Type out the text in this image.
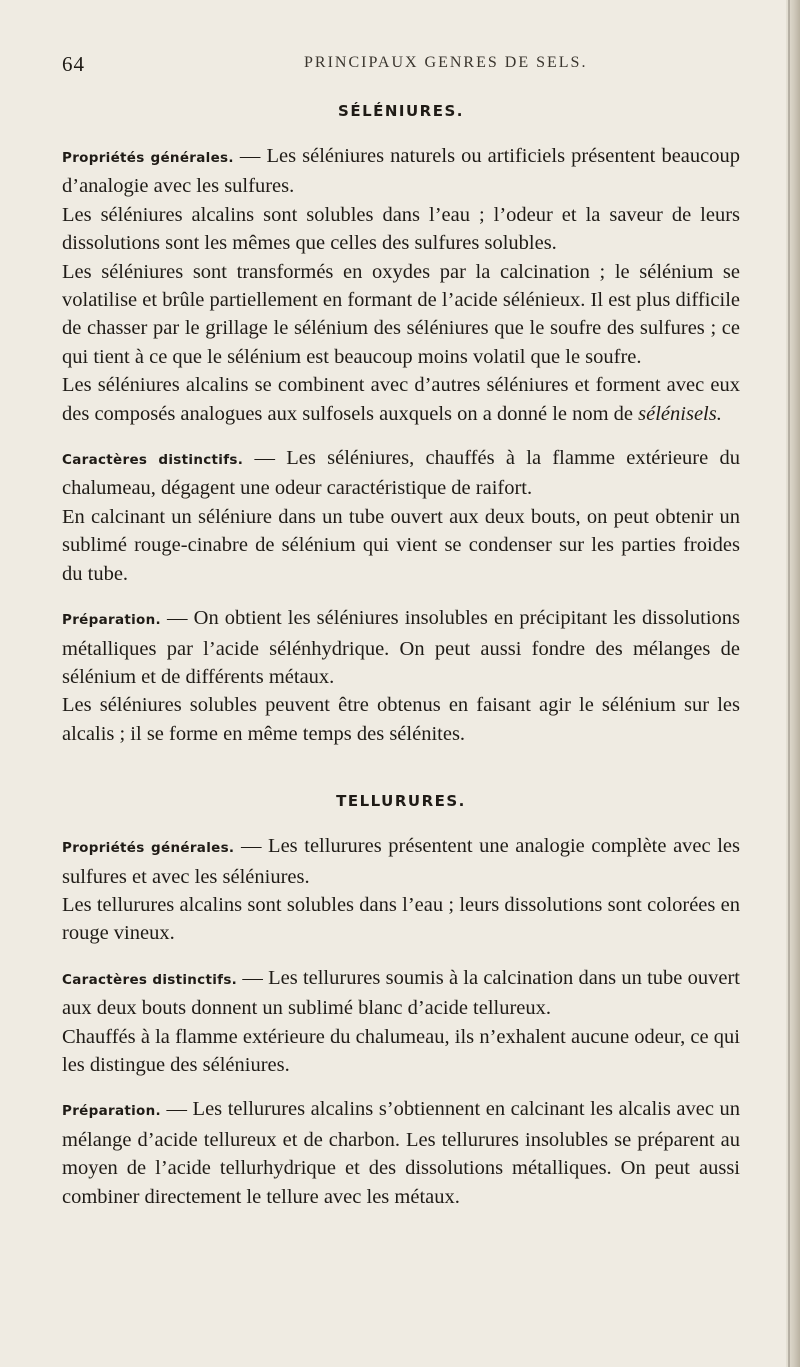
64	PRINCIPAUX GENRES DE SELS.
SÉLÉNIURES.

Propriétés générales. — Les séléniures naturels ou artificiels présentent beaucoup d’analogie avec les sulfures.

Les séléniures alcalins sont solubles dans l’eau ; l’odeur et la saveur de leurs dissolutions sont les mêmes que celles des sulfures solubles.

Les séléniures sont transformés en oxydes par la calcination ; le sélénium se volatilise et brûle partiellement en formant de l’acide sélénieux. Il est plus difficile de chasser par le grillage le sélénium des séléniures que le soufre des sulfures ; ce qui tient à ce que le sélénium est beaucoup moins volatil que le soufre.

Les séléniures alcalins se combinent avec d’autres séléniures et forment avec eux des composés analogues aux sulfosels auxquels on a donné le nom de sélénisels.

Caractères distinctifs. — Les séléniures, chauffés à la flamme extérieure du chalumeau, dégagent une odeur caractéristique de raifort.

En calcinant un séléniure dans un tube ouvert aux deux bouts, on peut obtenir un sublimé rouge-cinabre de sélénium qui vient se condenser sur les parties froides du tube.

Préparation. — On obtient les séléniures insolubles en précipitant les dissolutions métalliques par l’acide sélénhydrique. On peut aussi fondre des mélanges de sélénium et de différents métaux.

Les séléniures solubles peuvent être obtenus en faisant agir le sélénium sur les alcalis ; il se forme en même temps des sélénites.

TELLURURES.

Propriétés générales. — Les tellurures présentent une analogie complète avec les sulfures et avec les séléniures.

Les tellurures alcalins sont solubles dans l’eau ; leurs dissolutions sont colorées en rouge vineux.

Caractères distinctifs. — Les tellurures soumis à la calcination dans un tube ouvert aux deux bouts donnent un sublimé blanc d’acide tellureux.

Chauffés à la flamme extérieure du chalumeau, ils n’exhalent aucune odeur, ce qui les distingue des séléniures.

Préparation. — Les tellurures alcalins s’obtiennent en calcinant les alcalis avec un mélange d’acide tellureux et de charbon. Les tellurures insolubles se préparent au moyen de l’acide tellurhydrique et des dissolutions métalliques. On peut aussi combiner directement le tellure avec les métaux.
